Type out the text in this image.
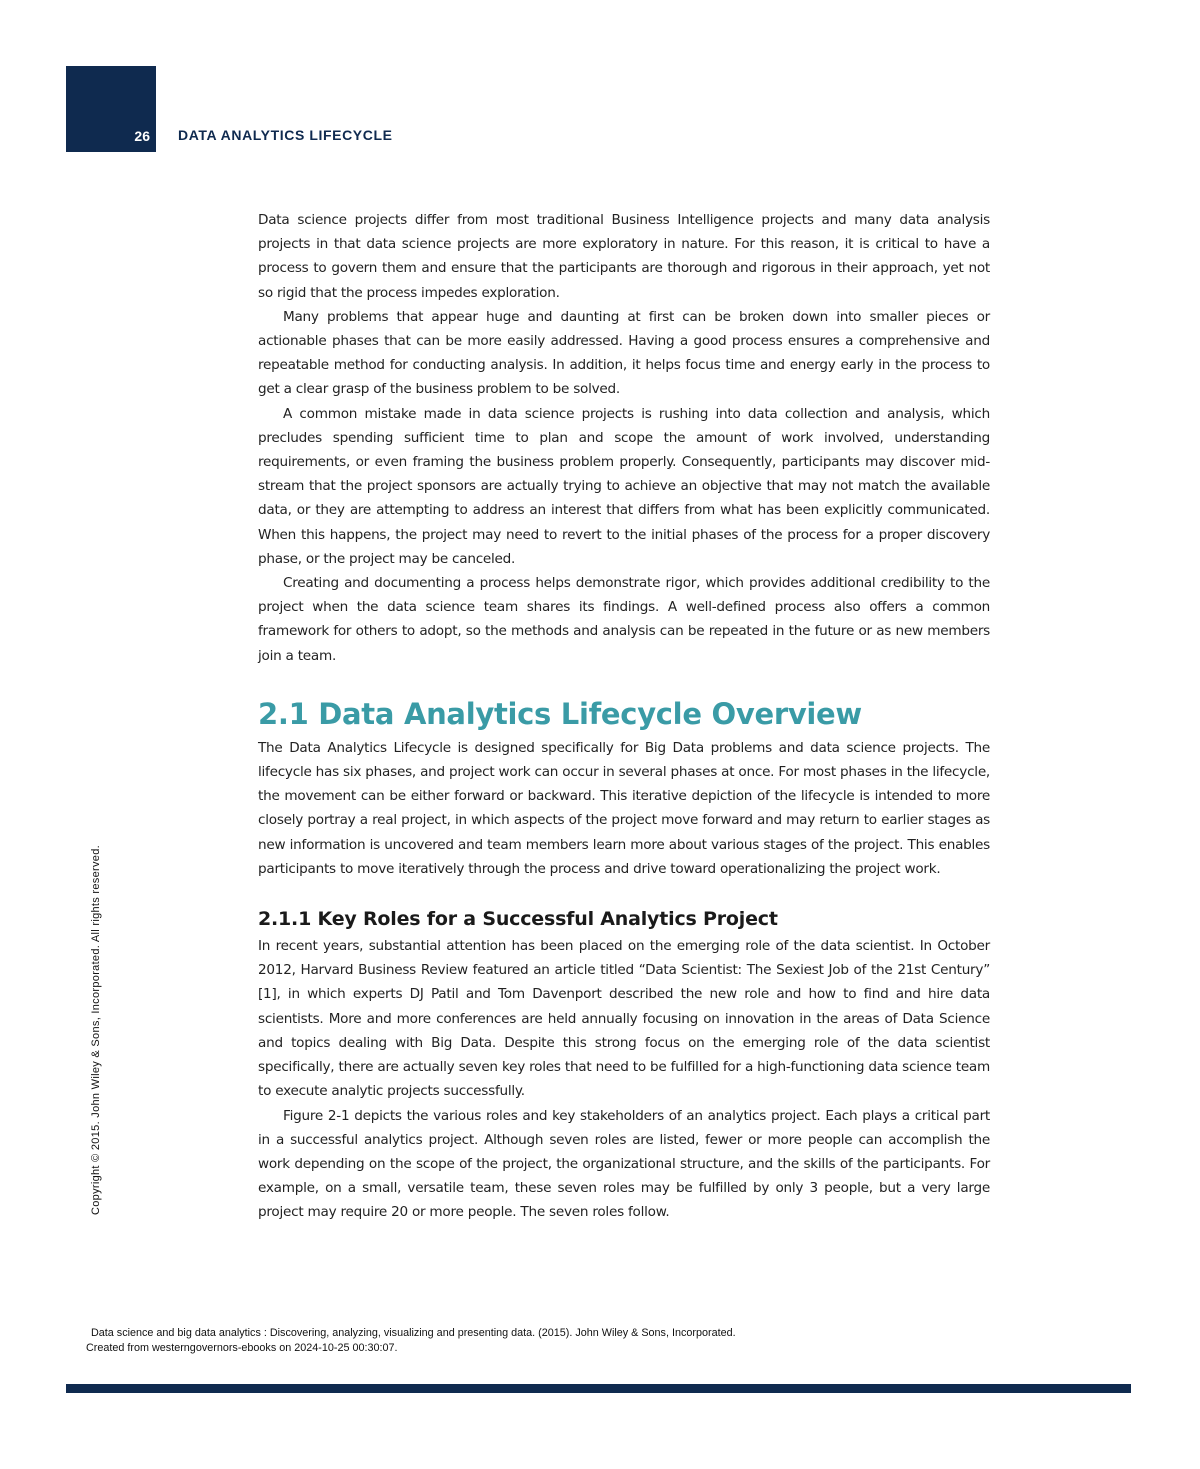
26 DATA ANALYTICS LIFECYCLE

Data science projects differ from most traditional Business Intelligence projects and many data analysis projects in that data science projects are more exploratory in nature. For this reason, it is critical to have a process to govern them and ensure that the participants are thorough and rigorous in their approach, yet not so rigid that the process impedes exploration.

Many problems that appear huge and daunting at first can be broken down into smaller pieces or actionable phases that can be more easily addressed. Having a good process ensures a comprehensive and repeatable method for conducting analysis. In addition, it helps focus time and energy early in the process to get a clear grasp of the business problem to be solved.

A common mistake made in data science projects is rushing into data collection and analysis, which precludes spending sufficient time to plan and scope the amount of work involved, understanding requirements, or even framing the business problem properly. Consequently, participants may discover mid-stream that the project sponsors are actually trying to achieve an objective that may not match the available data, or they are attempting to address an interest that differs from what has been explicitly communicated. When this happens, the project may need to revert to the initial phases of the process for a proper discovery phase, or the project may be canceled.

Creating and documenting a process helps demonstrate rigor, which provides additional credibility to the project when the data science team shares its findings. A well-defined process also offers a common framework for others to adopt, so the methods and analysis can be repeated in the future or as new members join a team.

2.1 Data Analytics Lifecycle Overview

The Data Analytics Lifecycle is designed specifically for Big Data problems and data science projects. The lifecycle has six phases, and project work can occur in several phases at once. For most phases in the lifecycle, the movement can be either forward or backward. This iterative depiction of the lifecycle is intended to more closely portray a real project, in which aspects of the project move forward and may return to earlier stages as new information is uncovered and team members learn more about various stages of the project. This enables participants to move iteratively through the process and drive toward operationalizing the project work.

2.1.1 Key Roles for a Successful Analytics Project

In recent years, substantial attention has been placed on the emerging role of the data scientist. In October 2012, Harvard Business Review featured an article titled “Data Scientist: The Sexiest Job of the 21st Century” [1], in which experts DJ Patil and Tom Davenport described the new role and how to find and hire data scientists. More and more conferences are held annually focusing on innovation in the areas of Data Science and topics dealing with Big Data. Despite this strong focus on the emerging role of the data scientist specifically, there are actually seven key roles that need to be fulfilled for a high-functioning data science team to execute analytic projects successfully.

Figure 2-1 depicts the various roles and key stakeholders of an analytics project. Each plays a critical part in a successful analytics project. Although seven roles are listed, fewer or more people can accomplish the work depending on the scope of the project, the organizational structure, and the skills of the participants. For example, on a small, versatile team, these seven roles may be fulfilled by only 3 people, but a very large project may require 20 or more people. The seven roles follow.

Copyright © 2015. John Wiley & Sons, Incorporated. All rights reserved.
Data science and big data analytics : Discovering, analyzing, visualizing and presenting data. (2015). John Wiley & Sons, Incorporated.
Created from westerngovernors-ebooks on 2024-10-25 00:30:07.
